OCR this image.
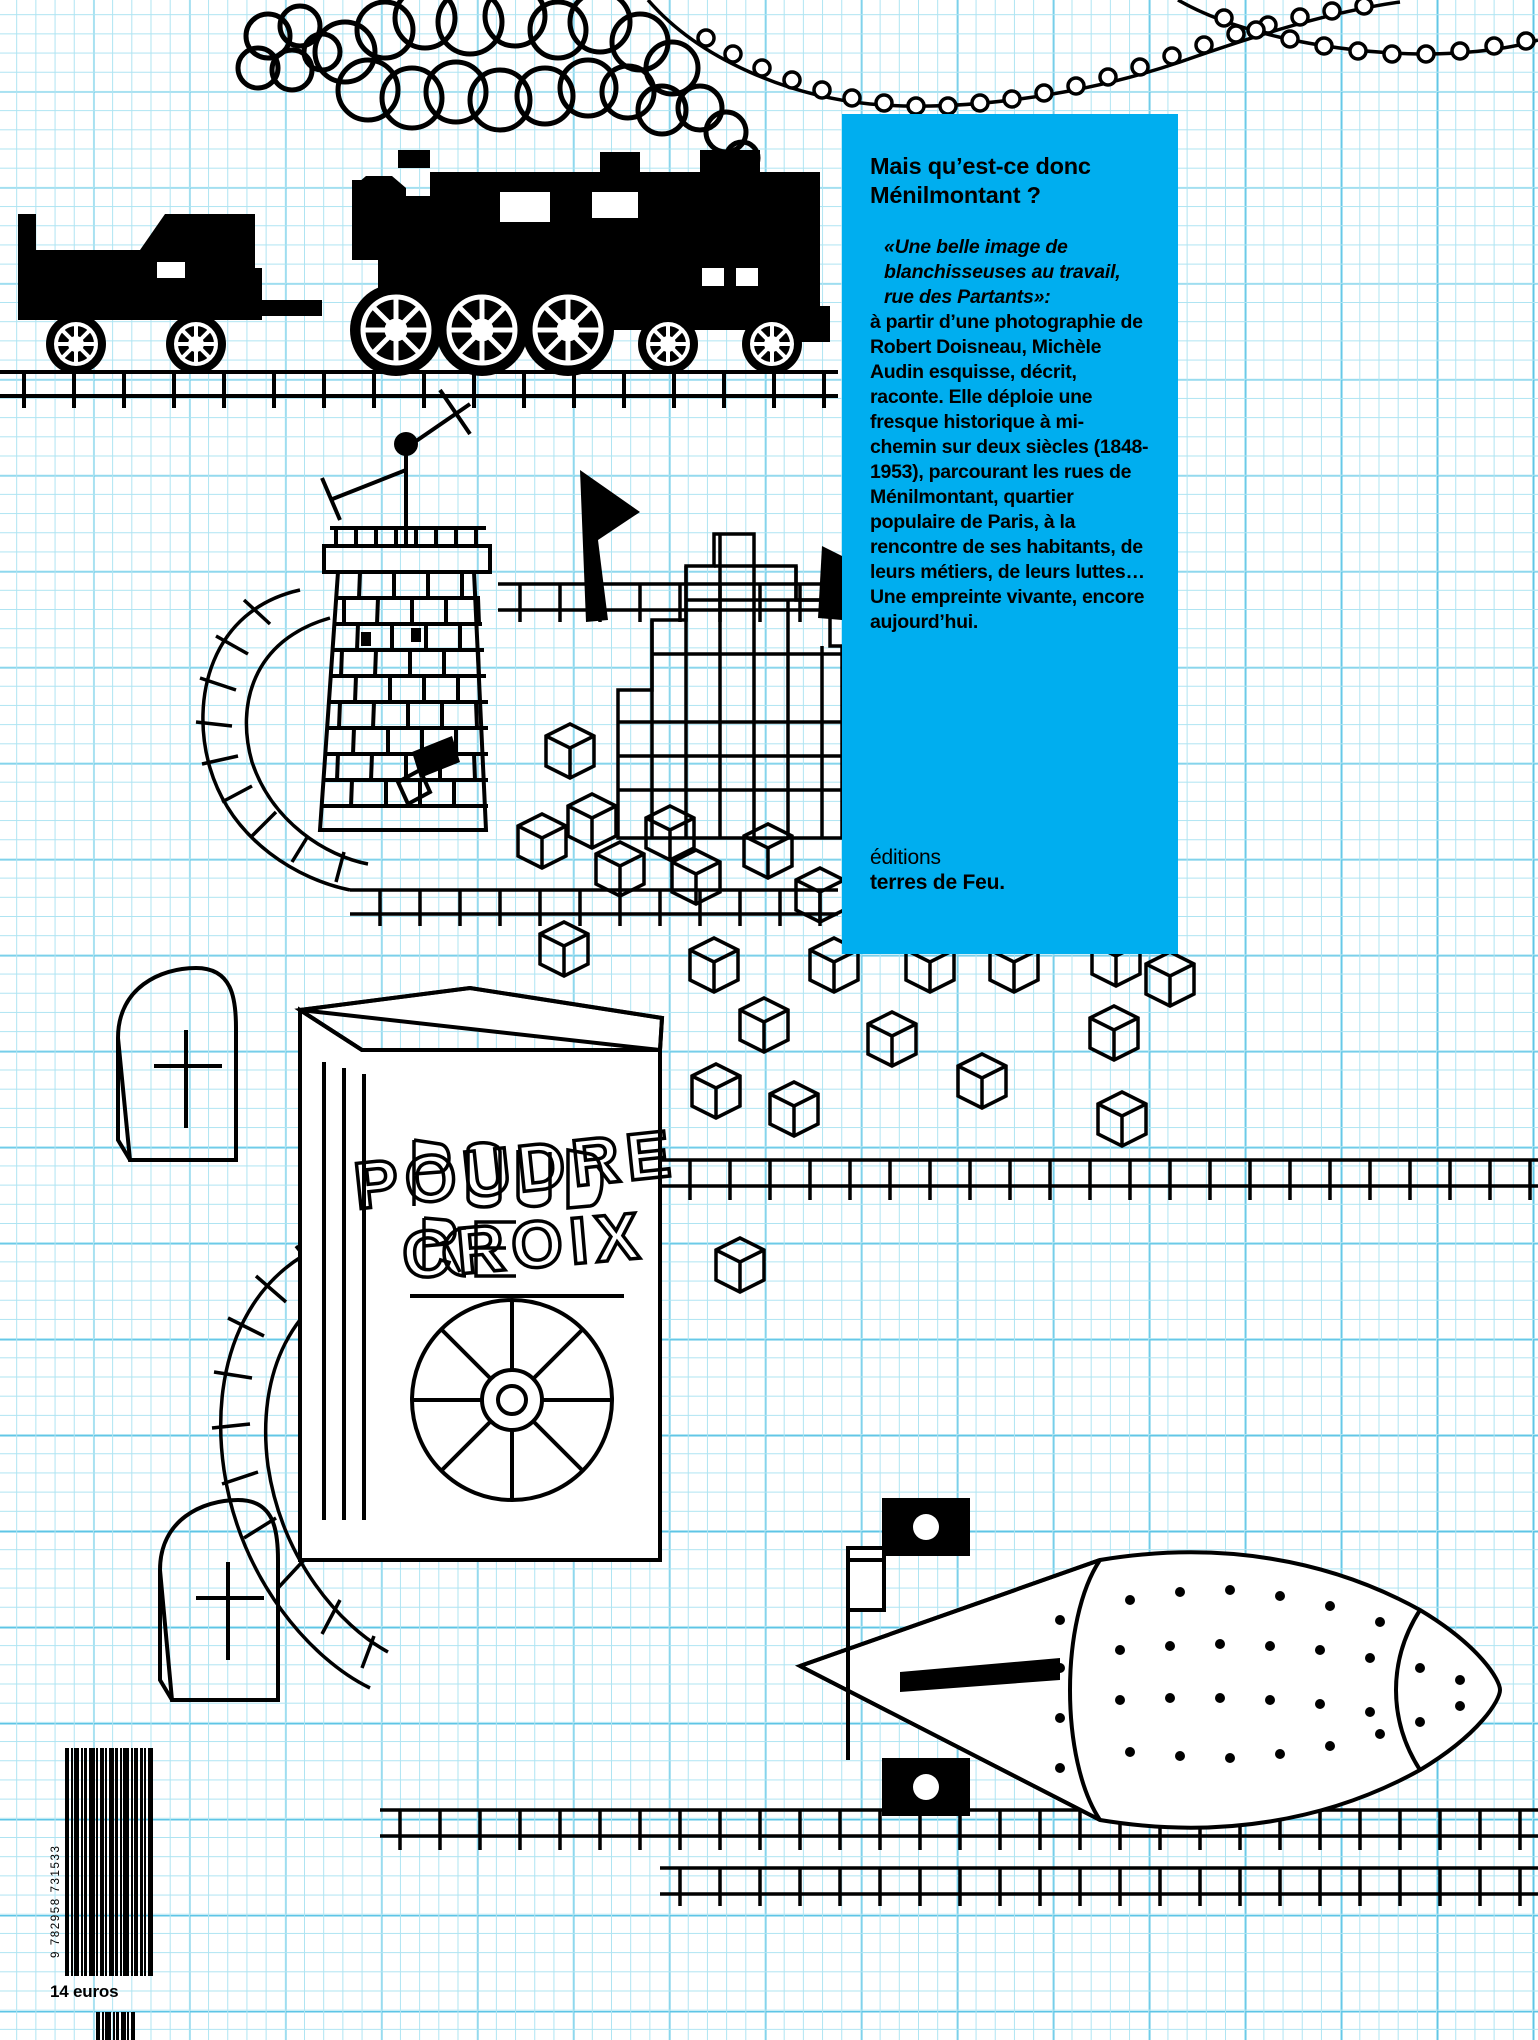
POUDRE
CROIX

Mais qu’est-ce donc Ménilmontant ?

«Une belle image de blanchisseuses au travail, rue des Partants»:

à partir d’une photographie de Robert Doisneau, Michèle Audin esquisse, décrit, raconte. Elle déploie une fresque historique à mi-chemin sur deux siècles (1848-1953), parcourant les rues de Ménilmontant, quartier populaire de Paris, à la rencontre de ses habitants, de leurs métiers, de leurs luttes… Une empreinte vivante, encore aujourd’hui.

éditions
terres de Feu.
9 782958 731533
14 euros
